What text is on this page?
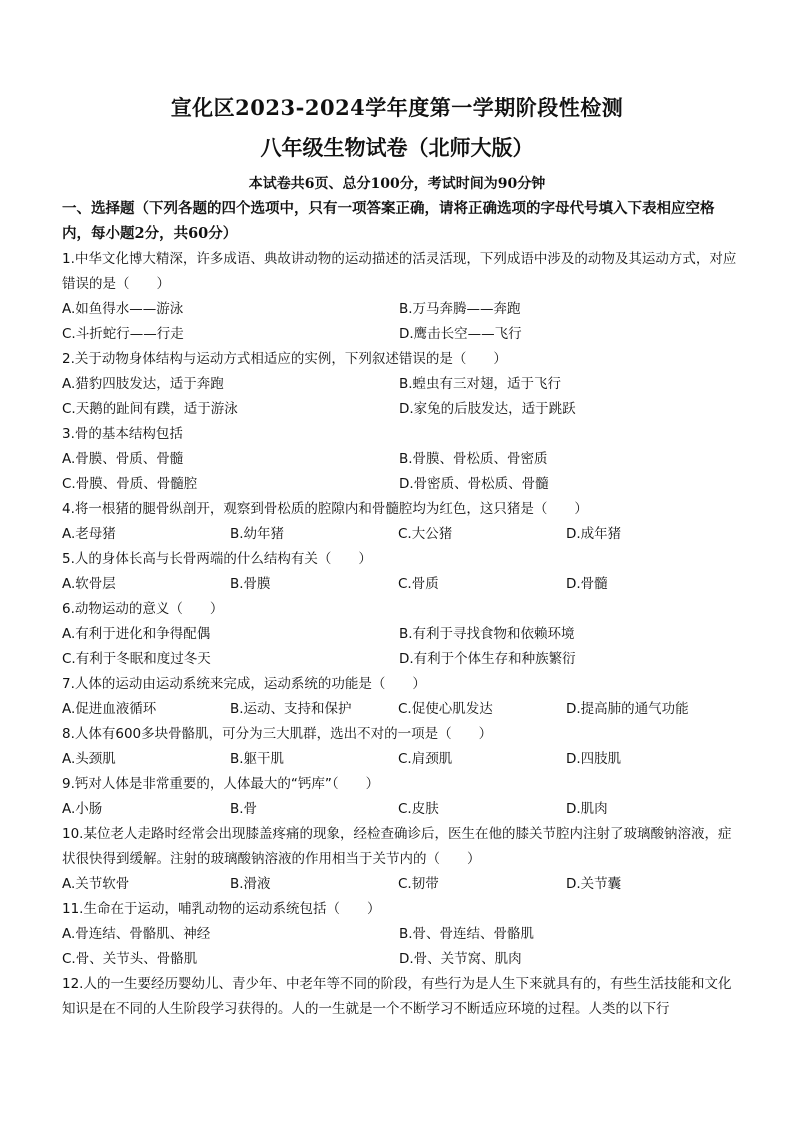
宣化区2023-2024学年度第一学期阶段性检测
八年级生物试卷（北师大版）
本试卷共6页、总分100分，考试时间为90分钟
一、选择题（下列各题的四个选项中，只有一项答案正确，请将正确选项的字母代号填入下表相应空格内，每小题2分，共60分）
1.中华文化博大精深，许多成语、典故讲动物的运动描述的活灵活现，下列成语中涉及的动物及其运动方式，对应错误的是（　　）
A.如鱼得水——游泳	B.万马奔腾——奔跑
C.斗折蛇行——行走	D.鹰击长空——飞行
2.关于动物身体结构与运动方式相适应的实例，下列叙述错误的是（　　）
A.猎豹四肢发达，适于奔跑	B.蝗虫有三对翅，适于飞行
C.天鹅的趾间有蹼，适于游泳	D.家兔的后肢发达，适于跳跃
3.骨的基本结构包括
A.骨膜、骨质、骨髓	B.骨膜、骨松质、骨密质
C.骨膜、骨质、骨髓腔	D.骨密质、骨松质、骨髓
4.将一根猪的腿骨纵剖开，观察到骨松质的腔隙内和骨髓腔均为红色，这只猪是（　　）
A.老母猪	B.幼年猪	C.大公猪	D.成年猪
5.人的身体长高与长骨两端的什么结构有关（　　）
A.软骨层	B.骨膜	C.骨质	D.骨髓
6.动物运动的意义（　　）
A.有利于进化和争得配偶	B.有利于寻找食物和依赖环境
C.有利于冬眠和度过冬天	D.有利于个体生存和种族繁衍
7.人体的运动由运动系统来完成，运动系统的功能是（　　）
A.促进血液循环	B.运动、支持和保护	C.促使心肌发达	D.提高肺的通气功能
8.人体有600多块骨骼肌，可分为三大肌群，选出不对的一项是（　　）
A.头颈肌	B.躯干肌	C.肩颈肌	D.四肢肌
9.钙对人体是非常重要的，人体最大的“钙库”（　　）
A.小肠	B.骨	C.皮肤	D.肌肉
10.某位老人走路时经常会出现膝盖疼痛的现象，经检查确诊后，医生在他的膝关节腔内注射了玻璃酸钠溶液，症状很快得到缓解。注射的玻璃酸钠溶液的作用相当于关节内的（　　）
A.关节软骨	B.滑液	C.韧带	D.关节囊
11.生命在于运动，哺乳动物的运动系统包括（　　）
A.骨连结、骨骼肌、神经	B.骨、骨连结、骨骼肌
C.骨、关节头、骨骼肌	D.骨、关节窝、肌肉
12.人的一生要经历婴幼儿、青少年、中老年等不同的阶段，有些行为是人生下来就具有的，有些生活技能和文化知识是在不同的人生阶段学习获得的。人的一生就是一个不断学习不断适应环境的过程。人类的以下行
